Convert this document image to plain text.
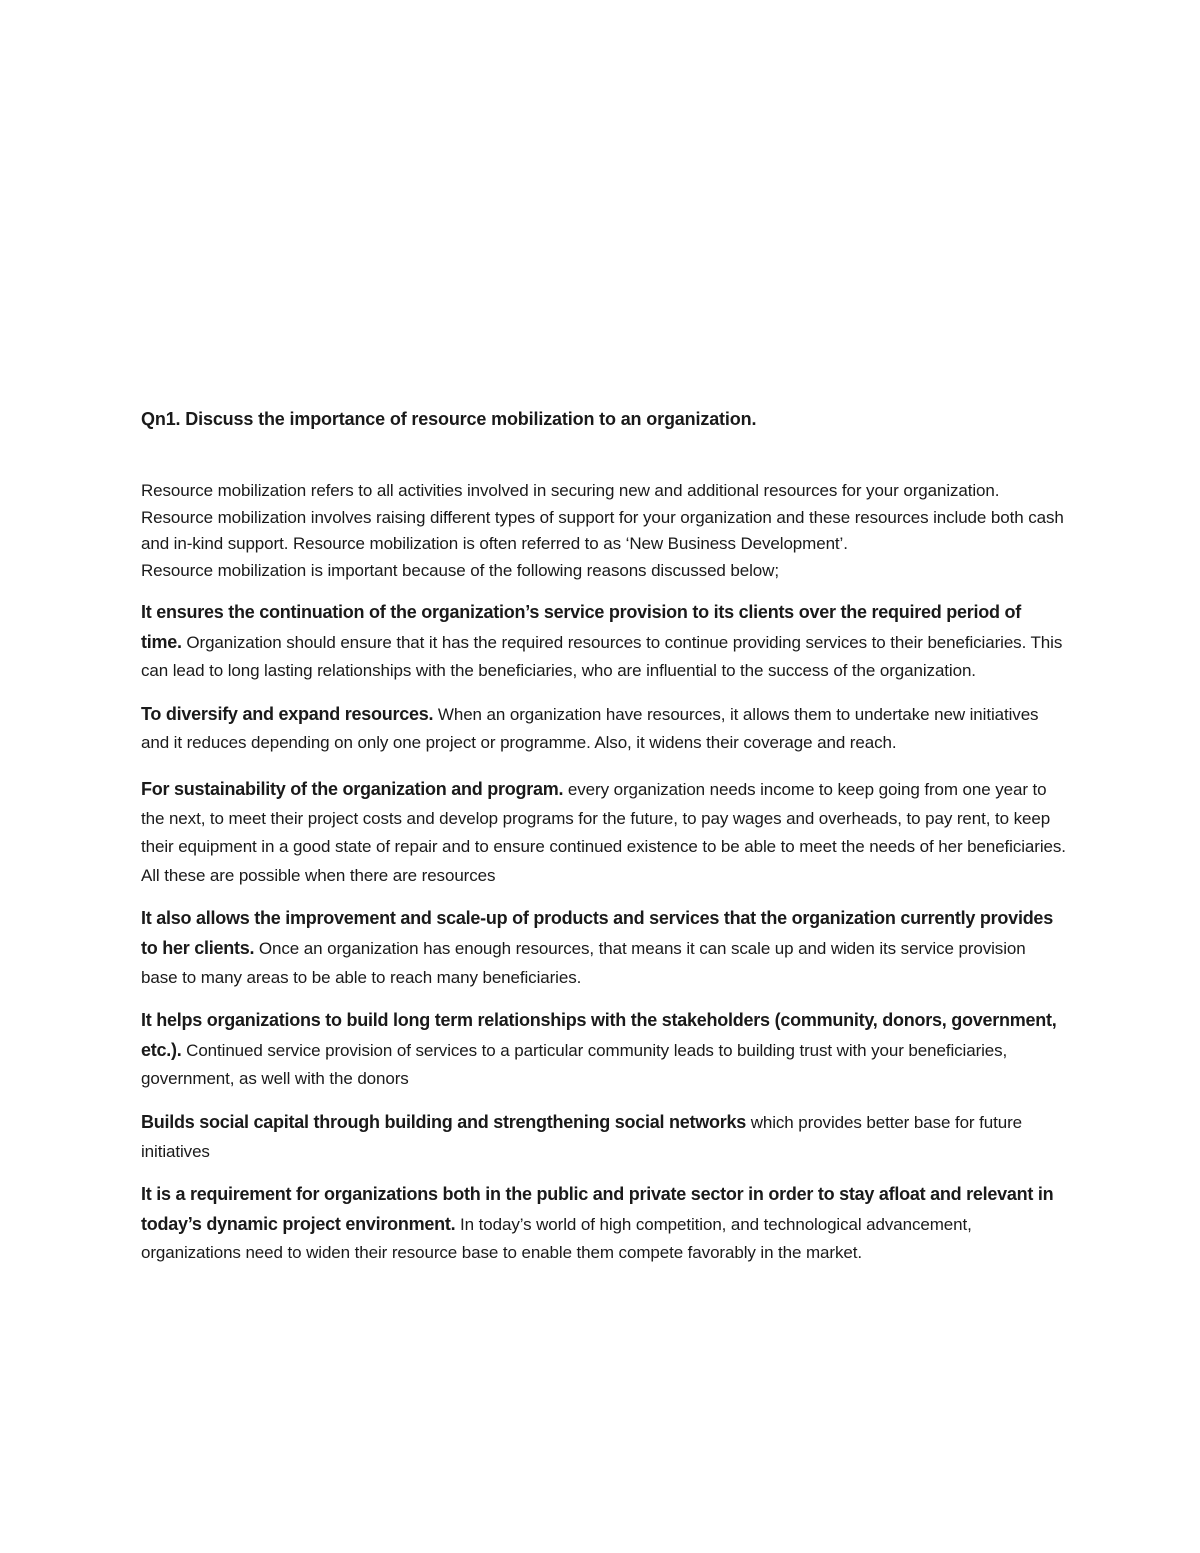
Qn1. Discuss the importance of resource mobilization to an organization.

Resource mobilization refers to all activities involved in securing new and additional resources for your organization. Resource mobilization involves raising different types of support for your organization and these resources include both cash and in-kind support. Resource mobilization is often referred to as ‘New Business Development’.

Resource mobilization is important because of the following reasons discussed below;

It ensures the continuation of the organization’s service provision to its clients over the required period of time. Organization should ensure that it has the required resources to continue providing services to their beneficiaries. This can lead to long lasting relationships with the beneficiaries, who are influential to the success of the organization.

To diversify and expand resources. When an organization have resources, it allows them to undertake new initiatives and it reduces depending on only one project or programme. Also, it widens their coverage and reach.

For sustainability of the organization and program. every organization needs income to keep going from one year to the next, to meet their project costs and develop programs for the future, to pay wages and overheads, to pay rent, to keep their equipment in a good state of repair and to ensure continued existence to be able to meet the needs of her beneficiaries. All these are possible when there are resources

It also allows the improvement and scale-up of products and services that the organization currently provides to her clients. Once an organization has enough resources, that means it can scale up and widen its service provision base to many areas to be able to reach many beneficiaries.

It helps organizations to build long term relationships with the stakeholders (community, donors, government, etc.). Continued service provision of services to a particular community leads to building trust with your beneficiaries, government, as well with the donors

Builds social capital through building and strengthening social networks which provides better base for future initiatives

It is a requirement for organizations both in the public and private sector in order to stay afloat and relevant in today’s dynamic project environment. In today’s world of high competition, and technological advancement, organizations need to widen their resource base to enable them compete favorably in the market.
